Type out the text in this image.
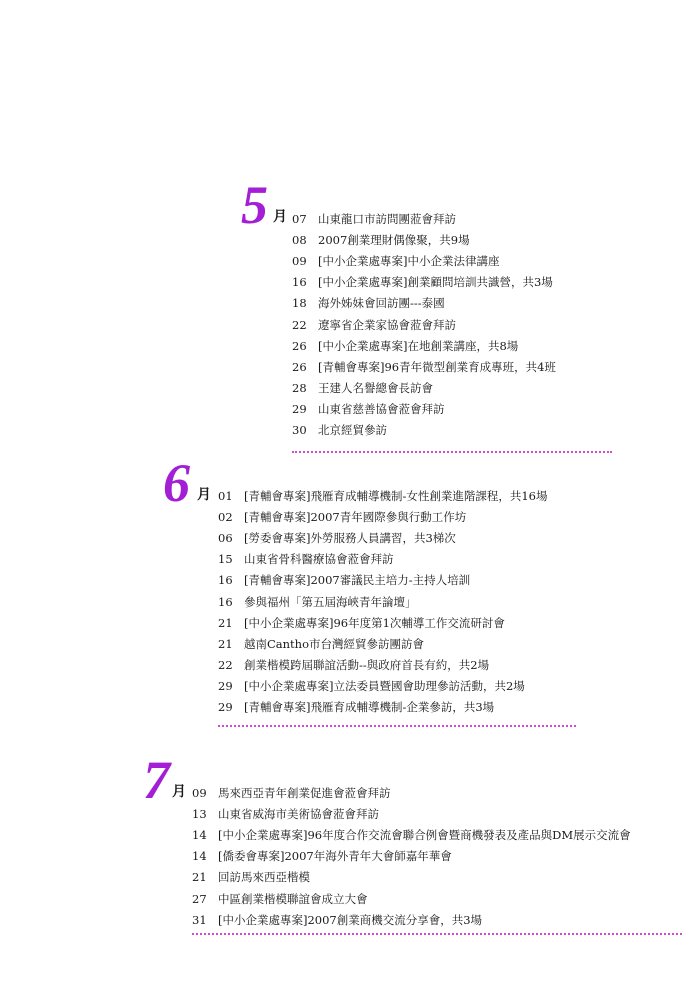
5 月 07 山東龍口市訪問團蒞會拜訪
08 2007創業理財偶像聚，共9場
09 [中小企業處專案]中小企業法律講座
16 [中小企業處專案]創業顧問培訓共識營，共3場
18 海外姊妹會回訪團---泰國
22 遼寧省企業家協會蒞會拜訪
26 [中小企業處專案]在地創業講座，共8場
26 [青輔會專案]96青年微型創業育成專班，共4班
28 王建人名譽總會長訪會
29 山東省慈善協會蒞會拜訪
30 北京經貿參訪
6 月 01 [青輔會專案]飛雁育成輔導機制-女性創業進階課程，共16場
02 [青輔會專案]2007青年國際參與行動工作坊
06 [勞委會專案]外勞服務人員講習，共3梯次
15 山東省骨科醫療協會蒞會拜訪
16 [青輔會專案]2007審議民主培力-主持人培訓
16 參與福州「第五屆海峽青年論壇」
21 [中小企業處專案]96年度第1次輔導工作交流研討會
21 越南Cantho市台灣經貿參訪團訪會
22 創業楷模跨屆聯誼活動--與政府首長有約，共2場
29 [中小企業處專案]立法委員暨國會助理參訪活動，共2場
29 [青輔會專案]飛雁育成輔導機制-企業參訪，共3場
7 月 09 馬來西亞青年創業促進會蒞會拜訪
13 山東省威海市美術協會蒞會拜訪
14 [中小企業處專案]96年度合作交流會聯合例會暨商機發表及產品與DM展示交流會
14 [僑委會專案]2007年海外青年大會師嘉年華會
21 回訪馬來西亞楷模
27 中區創業楷模聯誼會成立大會
31 [中小企業處專案]2007創業商機交流分享會，共3場
